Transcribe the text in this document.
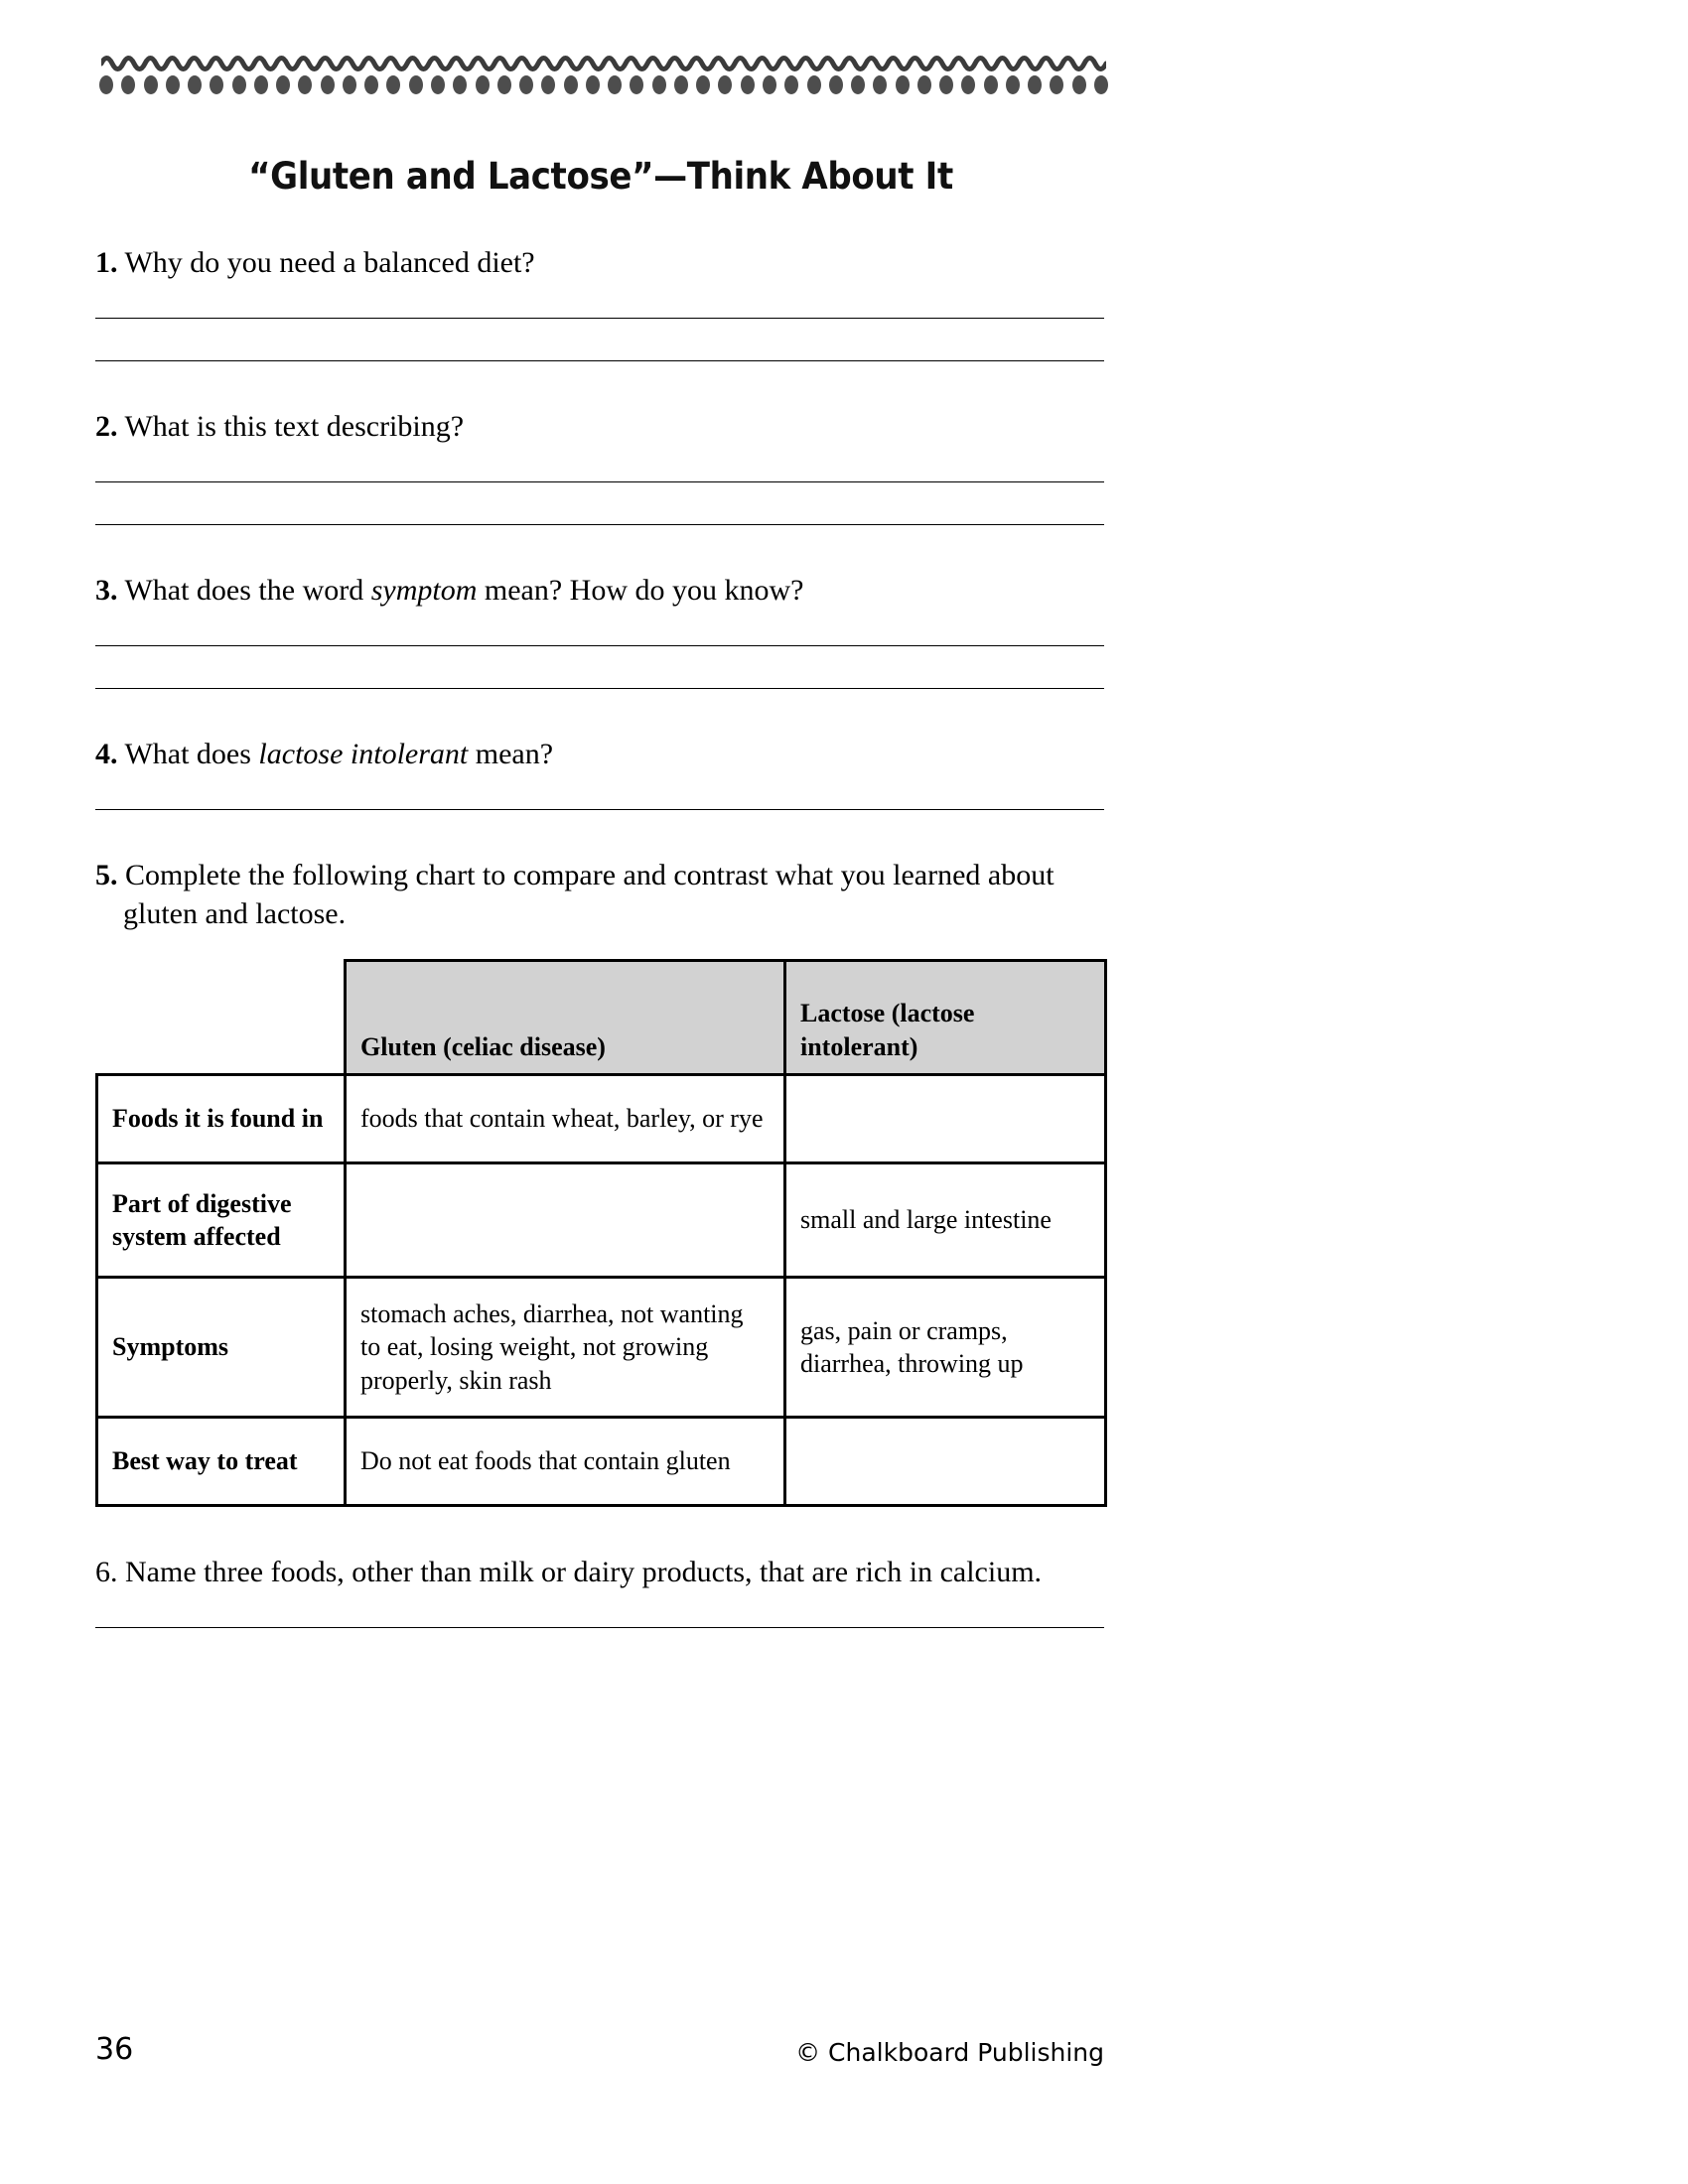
“Gluten and Lactose”—Think About It
1. Why do you need a balanced diet?
2. What is this text describing?
3. What does the word symptom mean? How do you know?
4. What does lactose intolerant mean?
5. Complete the following chart to compare and contrast what you learned about gluten and lactose.
	Gluten (celiac disease)	Lactose (lactose intolerant)
Foods it is found in	foods that contain wheat, barley, or rye	
Part of digestive system affected		small and large intestine
Symptoms	stomach aches, diarrhea, not wanting to eat, losing weight, not growing properly, skin rash	gas, pain or cramps, diarrhea, throwing up
Best way to treat	Do not eat foods that contain gluten	
6. Name three foods, other than milk or dairy products, that are rich in calcium.
36	© Chalkboard Publishing
